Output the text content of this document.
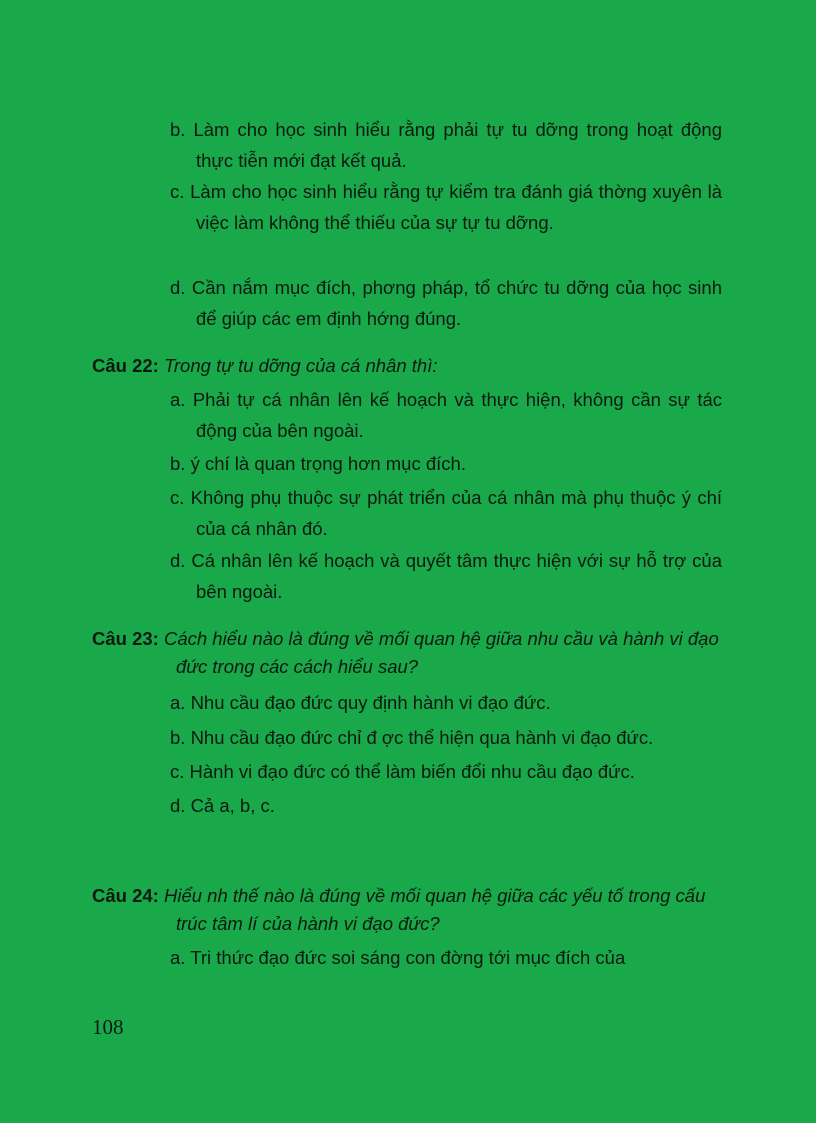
b. Làm cho học sinh hiểu rằng phải tự tu dỡng trong hoạt động thực tiễn mới đạt kết quả.

c. Làm cho học sinh hiểu rằng tự kiểm tra đánh giá thờng xuyên là việc làm không thể thiếu của sự tự tu dỡng.

d. Cần nắm mục đích, phơng pháp, tổ chức tu dỡng của học sinh để giúp các em định hớng đúng.

Câu 22: Trong tự tu dỡng của cá nhân thì:

a. Phải tự cá nhân lên kế hoạch và thực hiện, không cần sự tác động của bên ngoài.

b. ý chí là quan trọng hơn mục đích.

c. Không phụ thuộc sự phát triển của cá nhân mà phụ thuộc ý chí của cá nhân đó.

d. Cá nhân lên kế hoạch và quyết tâm thực hiện với sự hỗ trợ của bên ngoài.

Câu 23: Cách hiểu nào là đúng về mối quan hệ giữa nhu cầu và hành vi đạo đức trong các cách hiểu sau?

a. Nhu cầu đạo đức quy định hành vi đạo đức.

b. Nhu cầu đạo đức chỉ đ ợc thể hiện qua hành vi đạo đức.

c. Hành vi đạo đức có thể làm biến đổi nhu cầu đạo đức.

d. Cả a, b, c.

Câu 24: Hiểu nh thế nào là đúng về mối quan hệ giữa các yếu tố trong cấu trúc tâm lí của hành vi đạo đức?

a. Tri thức đạo đức soi sáng con đờng tới mục đích của

108
